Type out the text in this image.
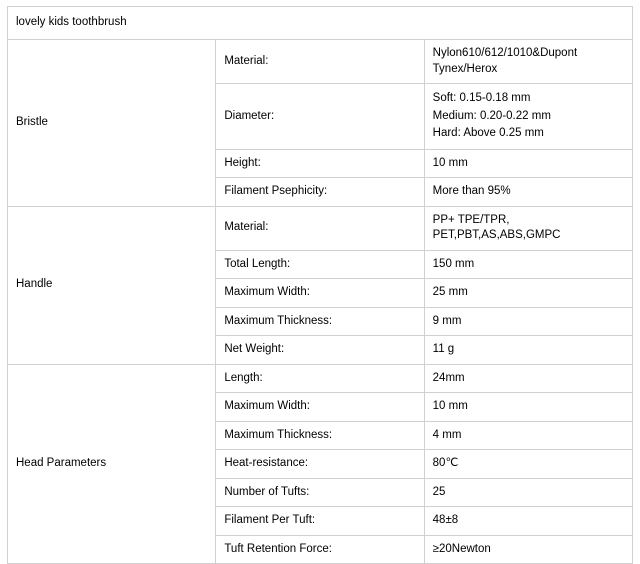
lovely kids toothbrush		
Bristle	Material:	Nylon610/612/1010&Dupont Tynex/Herox
	Diameter:	Soft: 0.15-0.18 mm
Medium: 0.20-0.22 mm
Hard: Above 0.25 mm

	Height:	10 mm
	Filament Psephicity:	More than 95%
Handle	Material:	PP+ TPE/TPR, PET,PBT,AS,ABS,GMPC
	Total Length:	150 mm
	Maximum Width:	25 mm
	Maximum Thickness:	9 mm
	Net Weight:	11 g
Head Parameters	Length:	24mm
	Maximum Width:	10 mm
	Maximum Thickness:	4 mm
	Heat-resistance:	80℃
	Number of Tufts:	25
	Filament Per Tuft:	48±8
	Tuft Retention Force:	≥20Newton
